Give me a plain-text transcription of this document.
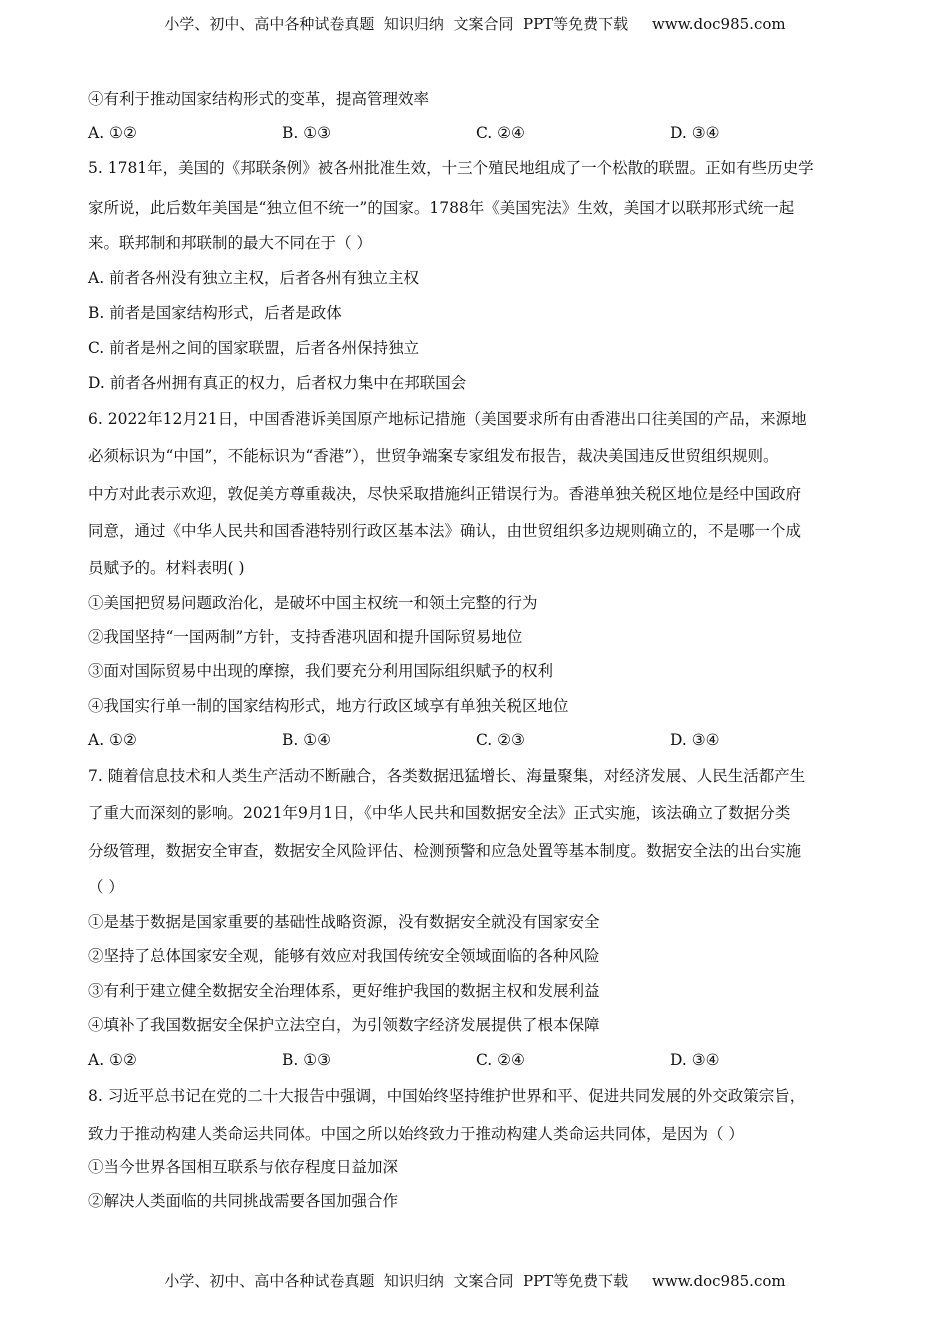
小学、初中、高中各种试卷真题  知识归纳  文案合同  PPT等免费下载     www.doc985.com
④有利于推动国家结构形式的变革，提高管理效率
A. ①②	B. ①③	C. ②④	D. ③④
5. 1781年，美国的《邦联条例》被各州批准生效，十三个殖民地组成了一个松散的联盟。正如有些历史学
家所说，此后数年美国是“独立但不统一”的国家。1788年《美国宪法》生效，美国才以联邦形式统一起
来。联邦制和邦联制的最大不同在于（ ）
A. 前者各州没有独立主权，后者各州有独立主权
B. 前者是国家结构形式，后者是政体
C. 前者是州之间的国家联盟，后者各州保持独立
D. 前者各州拥有真正的权力，后者权力集中在邦联国会
6. 2022年12月21日，中国香港诉美国原产地标记措施（美国要求所有由香港出口往美国的产品，来源地
必须标识为“中国”，不能标识为“香港”），世贸争端案专家组发布报告，裁决美国违反世贸组织规则。
中方对此表示欢迎，敦促美方尊重裁决，尽快采取措施纠正错误行为。香港单独关税区地位是经中国政府
同意，通过《中华人民共和国香港特别行政区基本法》确认，由世贸组织多边规则确立的，不是哪一个成
员赋予的。材料表明( )
①美国把贸易问题政治化，是破坏中国主权统一和领土完整的行为
②我国坚持“一国两制”方针，支持香港巩固和提升国际贸易地位
③面对国际贸易中出现的摩擦，我们要充分利用国际组织赋予的权利
④我国实行单一制的国家结构形式，地方行政区域享有单独关税区地位
A. ①②	B. ①④	C. ②③	D. ③④
7. 随着信息技术和人类生产活动不断融合，各类数据迅猛增长、海量聚集，对经济发展、人民生活都产生
了重大而深刻的影响。2021年9月1日，《中华人民共和国数据安全法》正式实施，该法确立了数据分类
分级管理，数据安全审查，数据安全风险评估、检测预警和应急处置等基本制度。数据安全法的出台实施
（ ）
①是基于数据是国家重要的基础性战略资源，没有数据安全就没有国家安全
②坚持了总体国家安全观，能够有效应对我国传统安全领域面临的各种风险
③有利于建立健全数据安全治理体系，更好维护我国的数据主权和发展利益
④填补了我国数据安全保护立法空白，为引领数字经济发展提供了根本保障
A. ①②	B. ①③	C. ②④	D. ③④
8. 习近平总书记在党的二十大报告中强调，中国始终坚持维护世界和平、促进共同发展的外交政策宗旨，
致力于推动构建人类命运共同体。中国之所以始终致力于推动构建人类命运共同体，是因为（ ）
①当今世界各国相互联系与依存程度日益加深
②解决人类面临的共同挑战需要各国加强合作
小学、初中、高中各种试卷真题  知识归纳  文案合同  PPT等免费下载     www.doc985.com
